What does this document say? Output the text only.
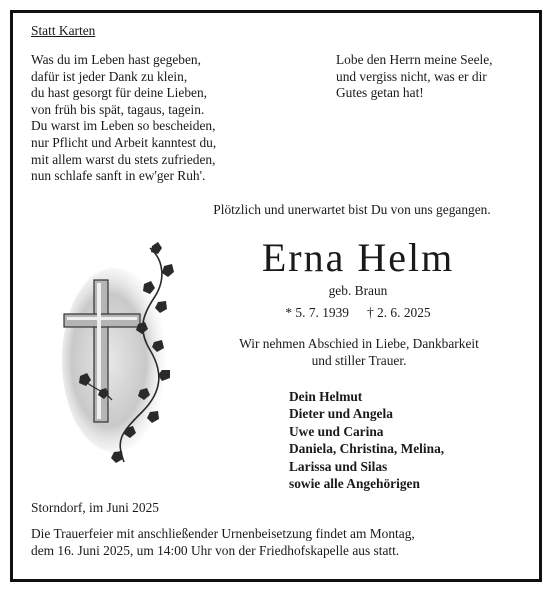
Statt Karten
Was du im Leben hast gegeben,
dafür ist jeder Dank zu klein,
du hast gesorgt für deine Lieben,
von früh bis spät, tagaus, tagein.
Du warst im Leben so bescheiden,
nur Pflicht und Arbeit kanntest du,
mit allem warst du stets zufrieden,
nun schlafe sanft in ew'ger Ruh'.
Lobe den Herrn meine Seele,
und vergiss nicht, was er dir
Gutes getan hat!
Plötzlich und unerwartet bist Du von uns gegangen.
Erna Helm
geb. Braun
* 5. 7. 1939 † 2. 6. 2025
Wir nehmen Abschied in Liebe, Dankbarkeit
und stiller Trauer.
Dein Helmut
Dieter und Angela
Uwe und Carina
Daniela, Christina, Melina,
Larissa und Silas
sowie alle Angehörigen
Storndorf, im Juni 2025
Die Trauerfeier mit anschließender Urnenbeisetzung findet am Montag,
dem 16. Juni 2025, um 14:00 Uhr von der Friedhofskapelle aus statt.
